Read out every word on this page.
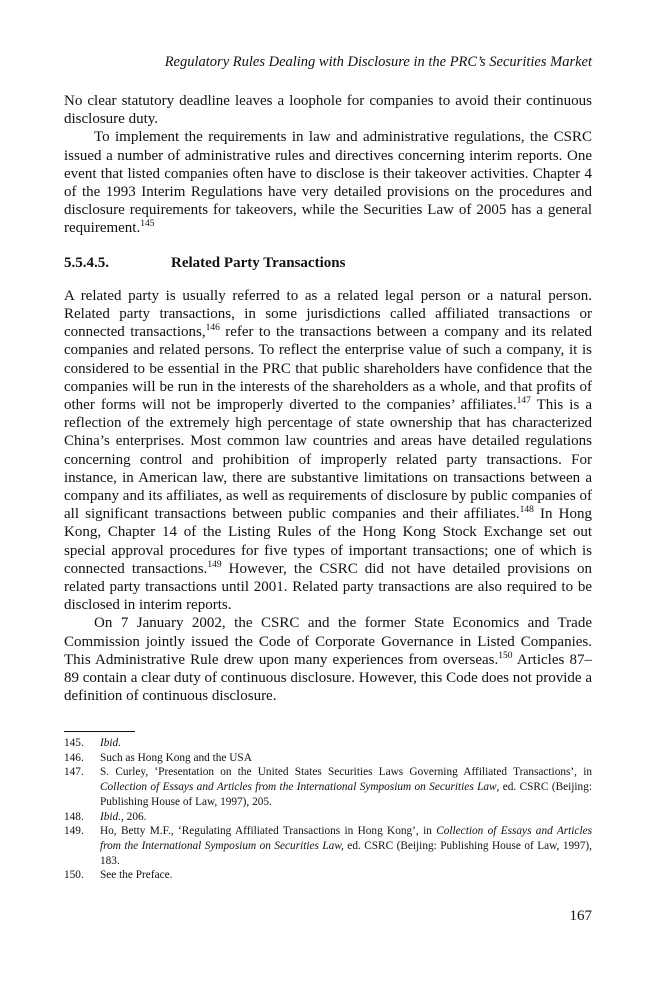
Regulatory Rules Dealing with Disclosure in the PRC’s Securities Market

No clear statutory deadline leaves a loophole for companies to avoid their continuous disclosure duty.

To implement the requirements in law and administrative regulations, the CSRC issued a number of administrative rules and directives concerning interim reports. One event that listed companies often have to disclose is their takeover activities. Chapter 4 of the 1993 Interim Regulations have very detailed provisions on the procedures and disclosure requirements for takeovers, while the Securities Law of 2005 has a general requirement.$^{145}$

5.5.4.5.	Related Party Transactions

A related party is usually referred to as a related legal person or a natural person. Related party transactions, in some jurisdictions called affiliated transactions or connected transactions,$^{146}$ refer to the transactions between a company and its related companies and related persons. To reflect the enterprise value of such a company, it is considered to be essential in the PRC that public shareholders have confidence that the companies will be run in the interests of the shareholders as a whole, and that profits of other forms will not be improperly diverted to the companies’ affiliates.$^{147}$ This is a reflection of the extremely high percentage of state ownership that has characterized China’s enterprises. Most common law countries and areas have detailed regulations concerning control and prohibition of improperly related party transactions. For instance, in American law, there are substantive limitations on transactions between a company and its affiliates, as well as requirements of disclosure by public companies of all significant transactions between public companies and their affiliates.$^{148}$ In Hong Kong, Chapter 14 of the Listing Rules of the Hong Kong Stock Exchange set out special approval procedures for five types of important transactions; one of which is connected transactions.$^{149}$ However, the CSRC did not have detailed provisions on related party transactions until 2001. Related party transactions are also required to be disclosed in interim reports.

On 7 January 2002, the CSRC and the former State Economics and Trade Commission jointly issued the Code of Corporate Governance in Listed Companies. This Administrative Rule drew upon many experiences from overseas.$^{150}$ Articles 87–89 contain a clear duty of continuous disclosure. However, this Code does not provide a definition of continuous disclosure.

145.	Ibid.
146.	Such as Hong Kong and the USA
147.	S. Curley, ‘Presentation on the United States Securities Laws Governing Affiliated Transactions’, in Collection of Essays and Articles from the International Symposium on Securities Law, ed. CSRC (Beijing: Publishing House of Law, 1997), 205.
148.	Ibid., 206.
149.	Ho, Betty M.F., ‘Regulating Affiliated Transactions in Hong Kong’, in Collection of Essays and Articles from the International Symposium on Securities Law, ed. CSRC (Beijing: Publishing House of Law, 1997), 183.
150.	See the Preface.
167
